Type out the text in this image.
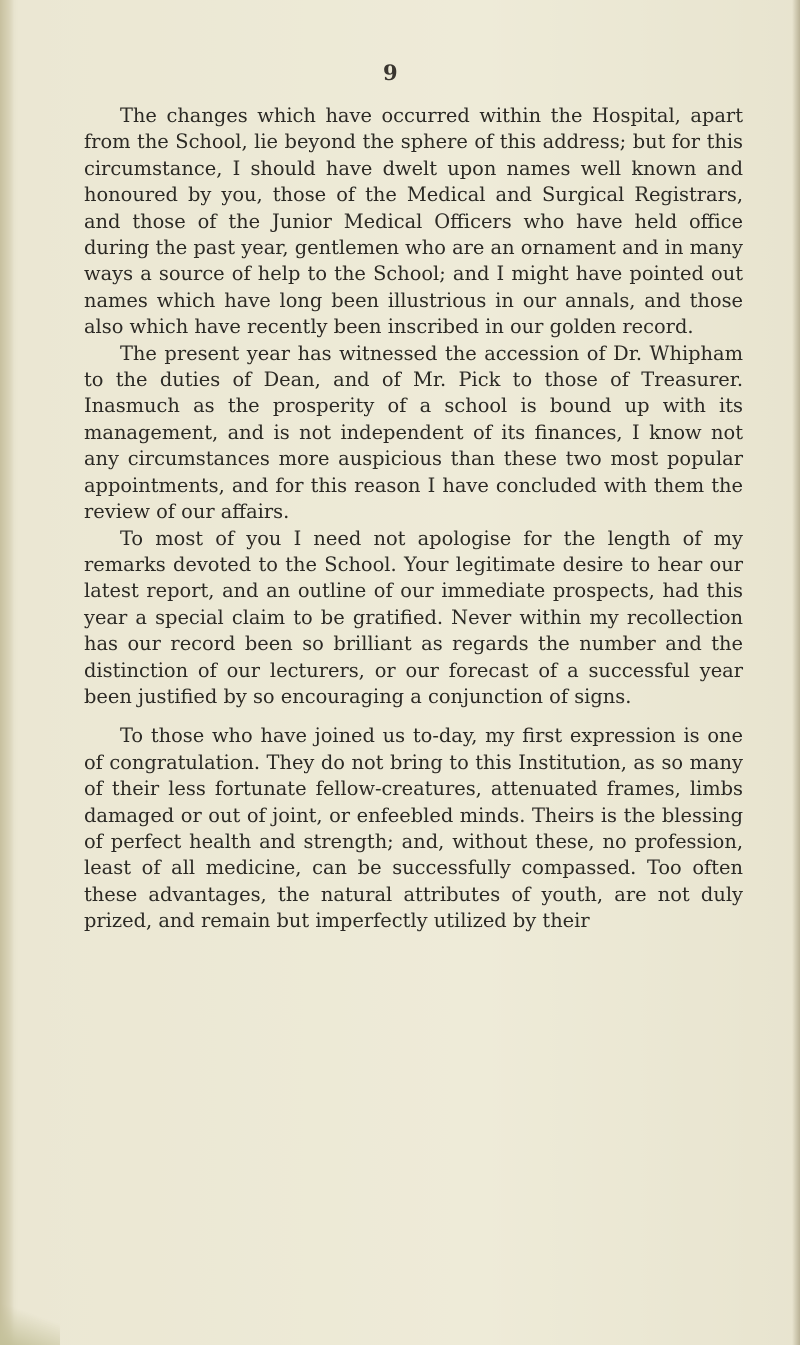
9

The changes which have occurred within the Hospital, apart from the School, lie beyond the sphere of this address; but for this circumstance, I should have dwelt upon names well known and honoured by you, those of the Medical and Surgical Registrars, and those of the Junior Medical Officers who have held office during the past year, gentlemen who are an ornament and in many ways a source of help to the School; and I might have pointed out names which have long been illustrious in our annals, and those also which have recently been inscribed in our golden record.

The present year has witnessed the accession of Dr. Whipham to the duties of Dean, and of Mr. Pick to those of Treasurer. Inasmuch as the prosperity of a school is bound up with its management, and is not independent of its finances, I know not any circumstances more auspicious than these two most popular appointments, and for this reason I have concluded with them the review of our affairs.

To most of you I need not apologise for the length of my remarks devoted to the School. Your legitimate desire to hear our latest report, and an outline of our immediate prospects, had this year a special claim to be gratified. Never within my recollection has our record been so brilliant as regards the number and the distinction of our lecturers, or our forecast of a successful year been justified by so encouraging a conjunction of signs.

To those who have joined us to-day, my first expression is one of congratulation. They do not bring to this Institution, as so many of their less fortunate fellow-creatures, attenuated frames, limbs damaged or out of joint, or enfeebled minds. Theirs is the blessing of perfect health and strength; and, without these, no profession, least of all medicine, can be successfully compassed. Too often these advantages, the natural attributes of youth, are not duly prized, and remain but imperfectly utilized by their
